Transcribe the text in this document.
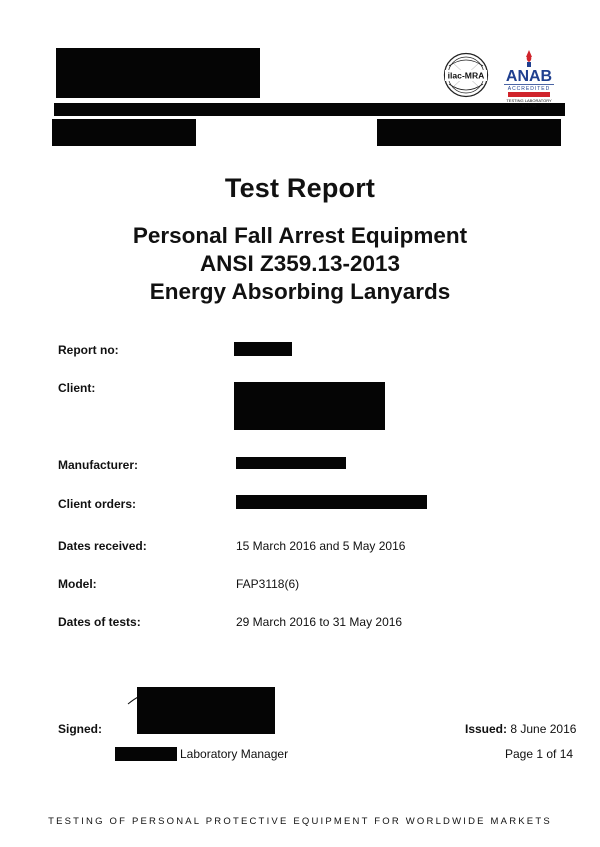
ilac-MRA ANAB
ACCREDITED
TESTING LABORATORY
AT-1706
Test Report
Personal Fall Arrest Equipment
ANSI Z359.13-2013
Energy Absorbing Lanyards
Report no:
Client:
Manufacturer:
Client orders:
Dates received:	15 March 2016 and 5 May 2016
Model:	FAP3118(6)
Dates of tests:	29 March 2016 to 31 May 2016
Signed:	Issued: 8 June 2016
Laboratory Manager	Page 1 of 14
TESTING OF PERSONAL PROTECTIVE EQUIPMENT FOR WORLDWIDE MARKETS
